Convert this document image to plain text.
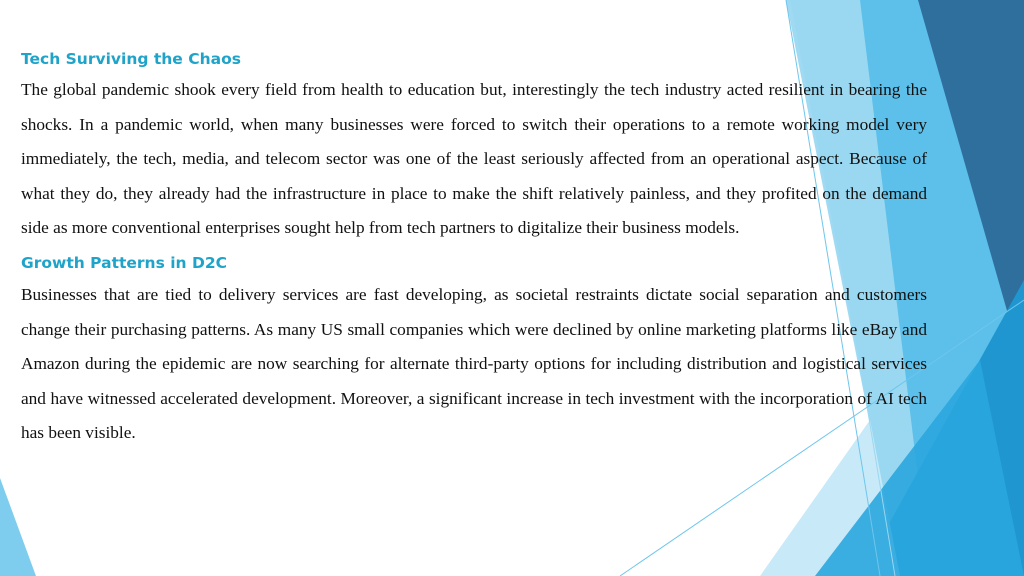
Tech Surviving the Chaos

The global pandemic shook every field from health to education but, interestingly the tech industry acted resilient in bearing the shocks. In a pandemic world, when many businesses were forced to switch their operations to a remote working model very immediately, the tech, media, and telecom sector was one of the least seriously affected from an operational aspect. Because of what they do, they already had the infrastructure in place to make the shift relatively painless, and they profited on the demand side as more conventional enterprises sought help from tech partners to digitalize their business models.

Growth Patterns in D2C

Businesses that are tied to delivery services are fast developing, as societal restraints dictate social separation and customers change their purchasing patterns. As many US small companies which were declined by online marketing platforms like eBay and Amazon during the epidemic are now searching for alternate third-party options for including distribution and logistical services and have witnessed accelerated development. Moreover, a significant increase in tech investment with the incorporation of AI tech has been visible.
